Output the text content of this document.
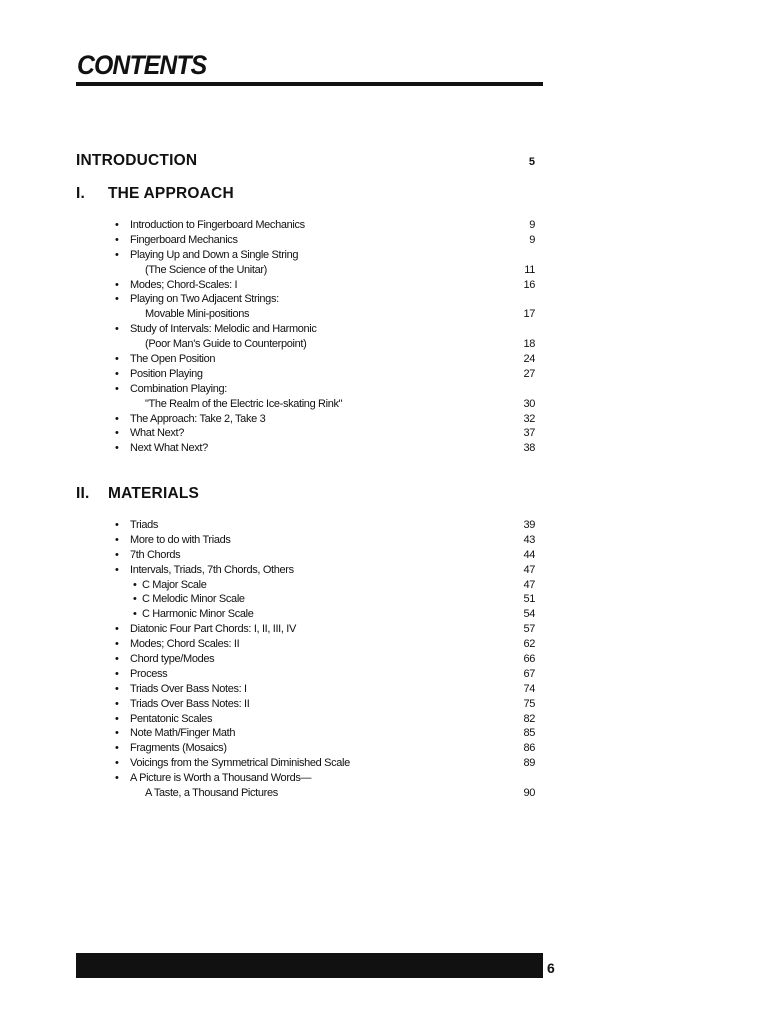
CONTENTS
INTRODUCTION	5
I. THE APPROACH
• Introduction to Fingerboard Mechanics	9
• Fingerboard Mechanics	9
• Playing Up and Down a Single String
(The Science of the Unitar)	11
• Modes; Chord-Scales: I	16
• Playing on Two Adjacent Strings:
Movable Mini-positions	17
• Study of Intervals: Melodic and Harmonic
(Poor Man's Guide to Counterpoint)	18
• The Open Position	24
• Position Playing	27
• Combination Playing:
"The Realm of the Electric Ice-skating Rink"	30
• The Approach: Take 2, Take 3	32
• What Next?	37
• Next What Next?	38
II. MATERIALS
• Triads	39
• More to do with Triads	43
• 7th Chords	44
• Intervals, Triads, 7th Chords, Others	47
• C Major Scale	47
• C Melodic Minor Scale	51
• C Harmonic Minor Scale	54
• Diatonic Four Part Chords: I, II, III, IV	57
• Modes; Chord Scales: II	62
• Chord type/Modes	66
• Process	67
• Triads Over Bass Notes: I	74
• Triads Over Bass Notes: II	75
• Pentatonic Scales	82
• Note Math/Finger Math	85
• Fragments (Mosaics)	86
• Voicings from the Symmetrical Diminished Scale	89
• A Picture is Worth a Thousand Words—
A Taste, a Thousand Pictures	90
6
